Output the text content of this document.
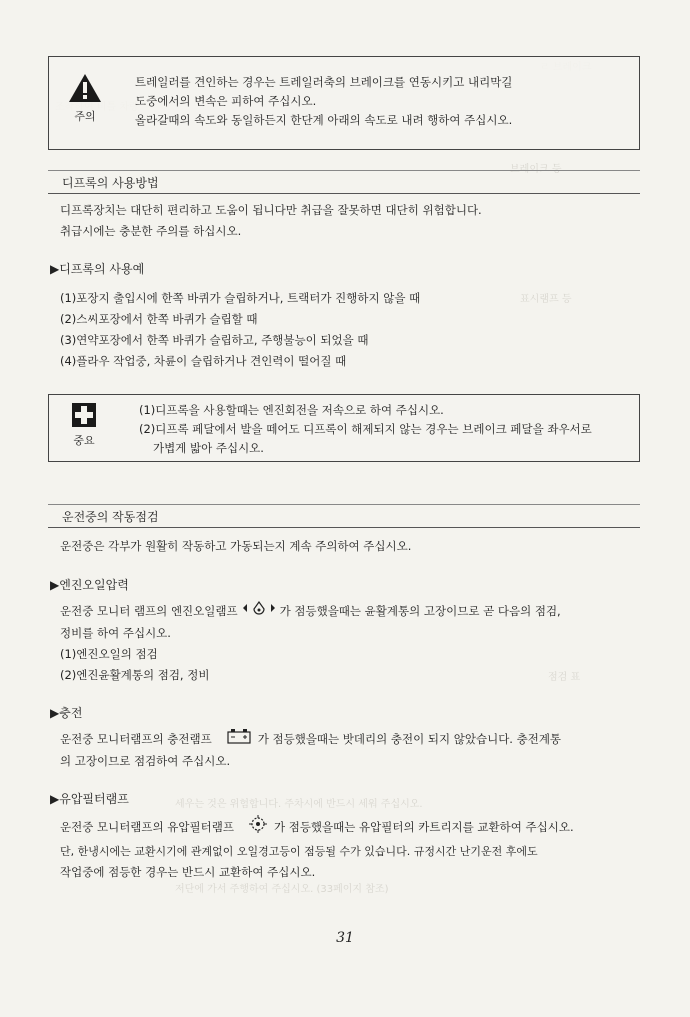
브레이크 등
표시램프 등
점검 표
세우는 것은 위험합니다. 주차시에 반드시 세워 주십시오.
저단에 가서 주행하여 주십시오. (33페이지 참조)
주의
트레일러를 견인하는 경우는 트레일러축의 브레이크를 연동시키고 내리막길
도중에서의 변속은 피하여 주십시오.
올라갈때의 속도와 동일하든지 한단계 아래의 속도로 내려 행하여 주십시오.
디프록의 사용방법
디프록장치는 대단히 편리하고 도움이 됩니다만 취급을 잘못하면 대단히 위험합니다.
취급시에는 충분한 주의를 하십시오.
▶디프록의 사용예
(1)포장지 출입시에 한쪽 바퀴가 슬립하거나, 트랙터가 진행하지 않을 때
(2)스씨포장에서 한쪽 바퀴가 슬립할 때
(3)연약포장에서 한쪽 바퀴가 슬립하고, 주행불능이 되었을 때
(4)플라우 작업중, 차륜이 슬립하거나 견인력이 떨어질 때
중요
(1)디프록을 사용할때는 엔진회전을 저속으로 하여 주십시오.
(2)디프록 페달에서 발을 떼어도 디프록이 해제되지 않는 경우는 브레이크 페달을 좌우서로
가볍게 밟아 주십시오.
운전중의 작동점검
운전중은 각부가 원활히 작동하고 가동되는지 계속 주의하여 주십시오.
▶엔진오일압력
운전중 모니터 램프의 엔진오일램프	가 점등했을때는 윤활계통의 고장이므로 곧 다음의 점검,
정비를 하여 주십시오.
(1)엔진오일의 점검
(2)엔진윤활계통의 점검, 정비
▶충전
운전중 모니터램프의 충전램프	가 점등했을때는 밧데리의 충전이 되지 않았습니다. 충전계통
의 고장이므로 점검하여 주십시오.
▶유압필터램프
운전중 모니터램프의 유압필터램프	가 점등했을때는 유압필터의 카트리지를 교환하여 주십시오.
단, 한냉시에는 교환시기에 관계없이 오일경고등이 점등될 수가 있습니다. 규정시간 난기운전 후에도
작업중에 점등한 경우는 반드시 교환하여 주십시오.
31
